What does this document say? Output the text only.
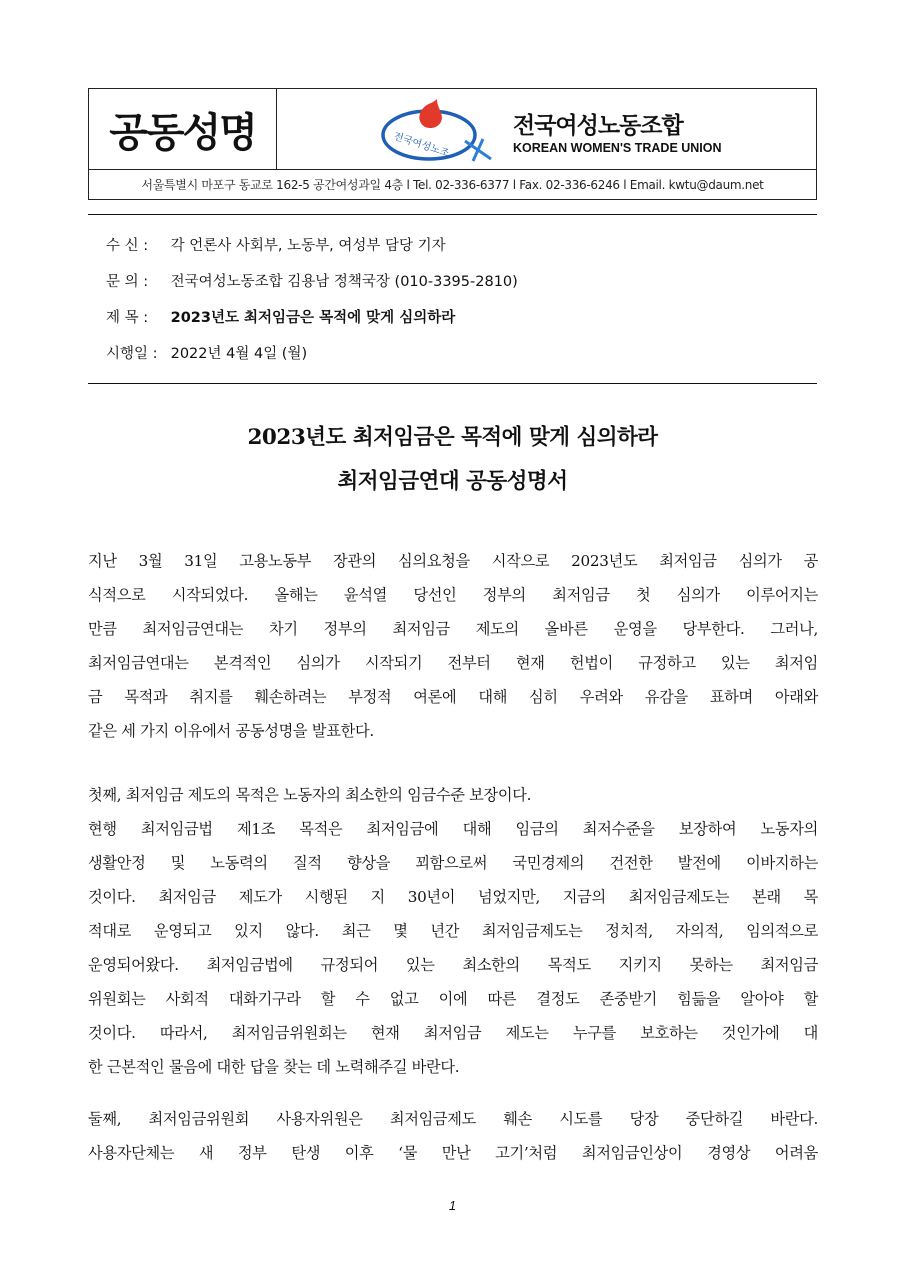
공동성명	전국여성노조
전국여성노동조합
KOREAN WOMEN'S TRADE UNION
서울특별시 마포구 동교로 162-5 공간여성과일 4층 l Tel. 02-336-6377 l Fax. 02-336-6246 l Email. kwtu@daum.net
수 신 : 각 언론사 사회부, 노동부, 여성부 담당 기자
문 의 : 전국여성노동조합 김용남 정책국장 (010-3395-2810)
제 목 : 2023년도 최저임금은 목적에 맞게 심의하라
시행일 : 2022년 4월 4일 (월)
2023년도 최저임금은 목적에 맞게 심의하라
최저임금연대 공동성명서

지난 3월 31일 고용노동부 장관의 심의요청을 시작으로 2023년도 최저임금 심의가 공

식적으로 시작되었다. 올해는 윤석열 당선인 정부의 최저임금 첫 심의가 이루어지는

만큼 최저임금연대는 차기 정부의 최저임금 제도의 올바른 운영을 당부한다. 그러나,

최저임금연대는 본격적인 심의가 시작되기 전부터 현재 헌법이 규정하고 있는 최저임

금 목적과 취지를 훼손하려는 부정적 여론에 대해 심히 우려와 유감을 표하며 아래와

같은 세 가지 이유에서 공동성명을 발표한다.

첫째, 최저임금 제도의 목적은 노동자의 최소한의 임금수준 보장이다.

현행 최저임금법 제1조 목적은 최저임금에 대해 임금의 최저수준을 보장하여 노동자의

생활안정 및 노동력의 질적 향상을 꾀함으로써 국민경제의 건전한 발전에 이바지하는

것이다. 최저임금 제도가 시행된 지 30년이 넘었지만, 지금의 최저임금제도는 본래 목

적대로 운영되고 있지 않다. 최근 몇 년간 최저임금제도는 정치적, 자의적, 임의적으로

운영되어왔다. 최저임금법에 규정되어 있는 최소한의 목적도 지키지 못하는 최저임금

위원회는 사회적 대화기구라 할 수 없고 이에 따른 결정도 존중받기 힘듦을 알아야 할

것이다. 따라서, 최저임금위원회는 현재 최저임금 제도는 누구를 보호하는 것인가에 대

한 근본적인 물음에 대한 답을 찾는 데 노력해주길 바란다.

둘째, 최저임금위원회 사용자위원은 최저임금제도 훼손 시도를 당장 중단하길 바란다.

사용자단체는 새 정부 탄생 이후 ‘물 만난 고기’처럼 최저임금인상이 경영상 어려움

1
